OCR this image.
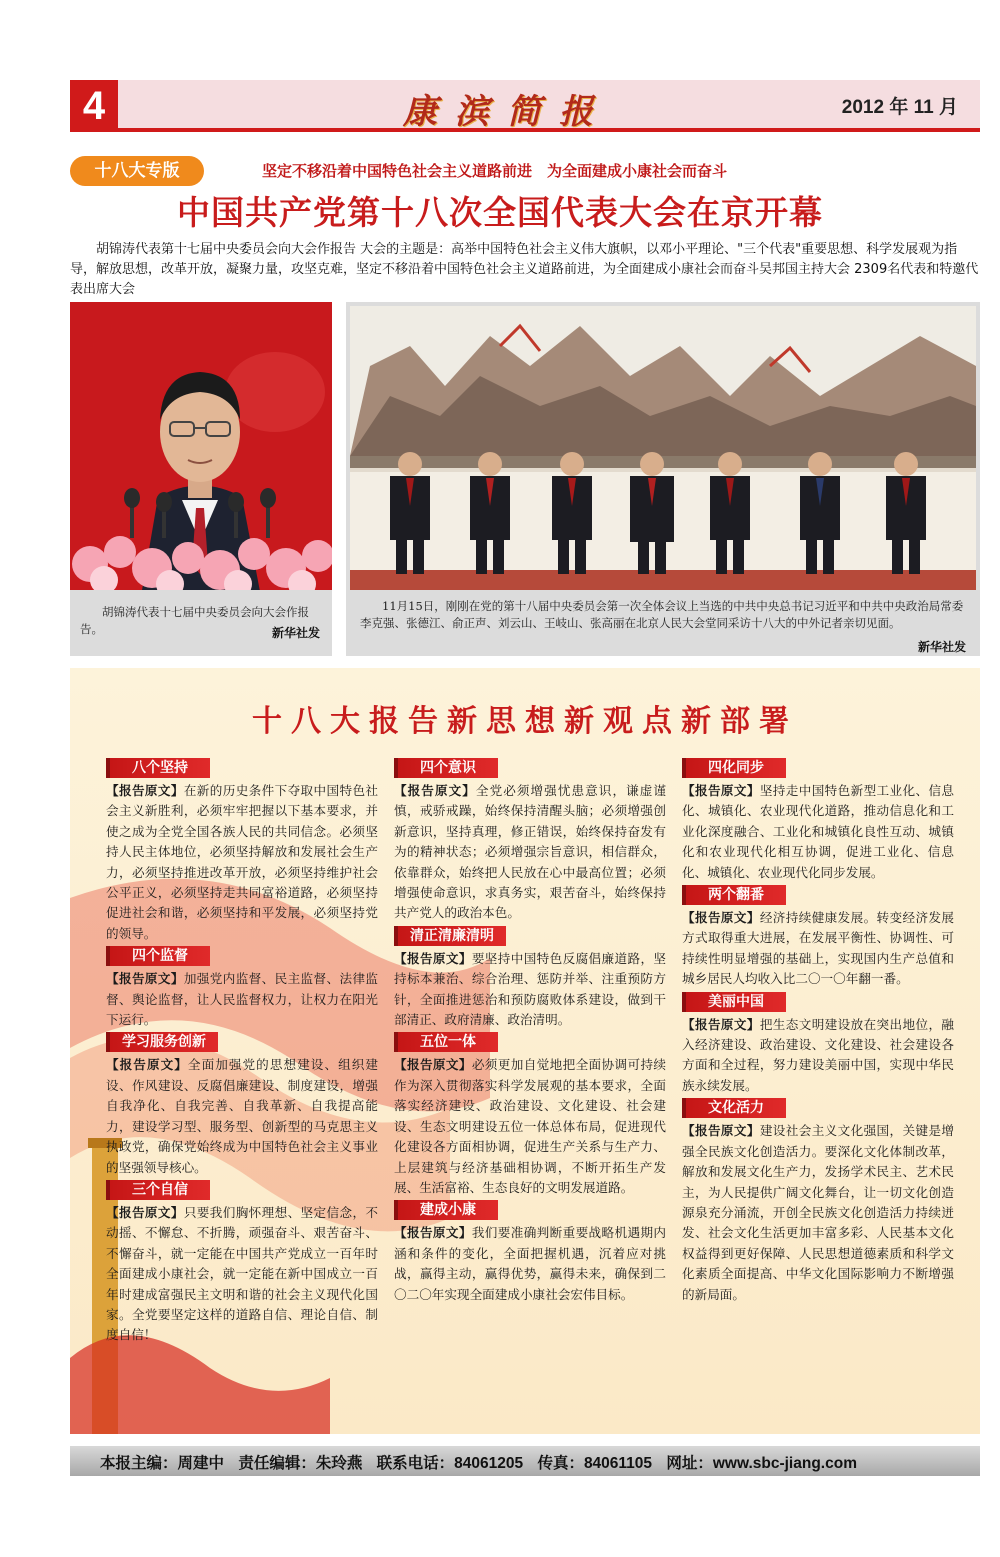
4	康滨简报	2012 年 11 月
十八大专版	坚定不移沿着中国特色社会主义道路前进　为全面建成小康社会而奋斗
中国共产党第十八次全国代表大会在京开幕
胡锦涛代表第十七届中央委员会向大会作报告 大会的主题是：高举中国特色社会主义伟大旗帜，以邓小平理论、"三个代表"重要思想、科学发展观为指导，解放思想，改革开放，凝聚力量，攻坚克难，坚定不移沿着中国特色社会主义道路前进，为全面建成小康社会而奋斗吴邦国主持大会 2309名代表和特邀代表出席大会
胡锦涛代表十七届中央委员会向大会作报告。	新华社发
11月15日，刚刚在党的第十八届中央委员会第一次全体会议上当选的中共中央总书记习近平和中共中央政治局常委李克强、张德江、俞正声、刘云山、王岐山、张高丽在北京人民大会堂同采访十八大的中外记者亲切见面。
新华社发
十八大报告新思想新观点新部署
八个坚持

【报告原文】在新的历史条件下夺取中国特色社会主义新胜利，必须牢牢把握以下基本要求，并使之成为全党全国各族人民的共同信念。必须坚持人民主体地位，必须坚持解放和发展社会生产力，必须坚持推进改革开放，必须坚持维护社会公平正义，必须坚持走共同富裕道路，必须坚持促进社会和谐，必须坚持和平发展，必须坚持党的领导。

四个监督

【报告原文】加强党内监督、民主监督、法律监督、舆论监督，让人民监督权力，让权力在阳光下运行。

学习服务创新

【报告原文】全面加强党的思想建设、组织建设、作风建设、反腐倡廉建设、制度建设，增强自我净化、自我完善、自我革新、自我提高能力，建设学习型、服务型、创新型的马克思主义执政党，确保党始终成为中国特色社会主义事业的坚强领导核心。

三个自信

【报告原文】只要我们胸怀理想、坚定信念，不动摇、不懈怠、不折腾，顽强奋斗、艰苦奋斗、不懈奋斗，就一定能在中国共产党成立一百年时全面建成小康社会，就一定能在新中国成立一百年时建成富强民主文明和谐的社会主义现代化国家。全党要坚定这样的道路自信、理论自信、制度自信！

四个意识

【报告原文】全党必须增强忧患意识，谦虚谨慎，戒骄戒躁，始终保持清醒头脑；必须增强创新意识，坚持真理，修正错误，始终保持奋发有为的精神状态；必须增强宗旨意识，相信群众，依靠群众，始终把人民放在心中最高位置；必须增强使命意识，求真务实，艰苦奋斗，始终保持共产党人的政治本色。

清正清廉清明

【报告原文】要坚持中国特色反腐倡廉道路，坚持标本兼治、综合治理、惩防并举、注重预防方针，全面推进惩治和预防腐败体系建设，做到干部清正、政府清廉、政治清明。

五位一体

【报告原文】必须更加自觉地把全面协调可持续作为深入贯彻落实科学发展观的基本要求，全面落实经济建设、政治建设、文化建设、社会建设、生态文明建设五位一体总体布局，促进现代化建设各方面相协调，促进生产关系与生产力、上层建筑与经济基础相协调，不断开拓生产发展、生活富裕、生态良好的文明发展道路。

建成小康

【报告原文】我们要准确判断重要战略机遇期内涵和条件的变化，全面把握机遇，沉着应对挑战，赢得主动，赢得优势，赢得未来，确保到二〇二〇年实现全面建成小康社会宏伟目标。

四化同步

【报告原文】坚持走中国特色新型工业化、信息化、城镇化、农业现代化道路，推动信息化和工业化深度融合、工业化和城镇化良性互动、城镇化和农业现代化相互协调，促进工业化、信息化、城镇化、农业现代化同步发展。

两个翻番

【报告原文】经济持续健康发展。转变经济发展方式取得重大进展，在发展平衡性、协调性、可持续性明显增强的基础上，实现国内生产总值和城乡居民人均收入比二〇一〇年翻一番。

美丽中国

【报告原文】把生态文明建设放在突出地位，融入经济建设、政治建设、文化建设、社会建设各方面和全过程，努力建设美丽中国，实现中华民族永续发展。

文化活力

【报告原文】建设社会主义文化强国，关键是增强全民族文化创造活力。要深化文化体制改革，解放和发展文化生产力，发扬学术民主、艺术民主，为人民提供广阔文化舞台，让一切文化创造源泉充分涌流，开创全民族文化创造活力持续迸发、社会文化生活更加丰富多彩、人民基本文化权益得到更好保障、人民思想道德素质和科学文化素质全面提高、中华文化国际影响力不断增强的新局面。

本报主编：周建中 责任编辑：朱玲燕 联系电话：84061205 传真：84061105 网址：www.sbc-jiang.com
